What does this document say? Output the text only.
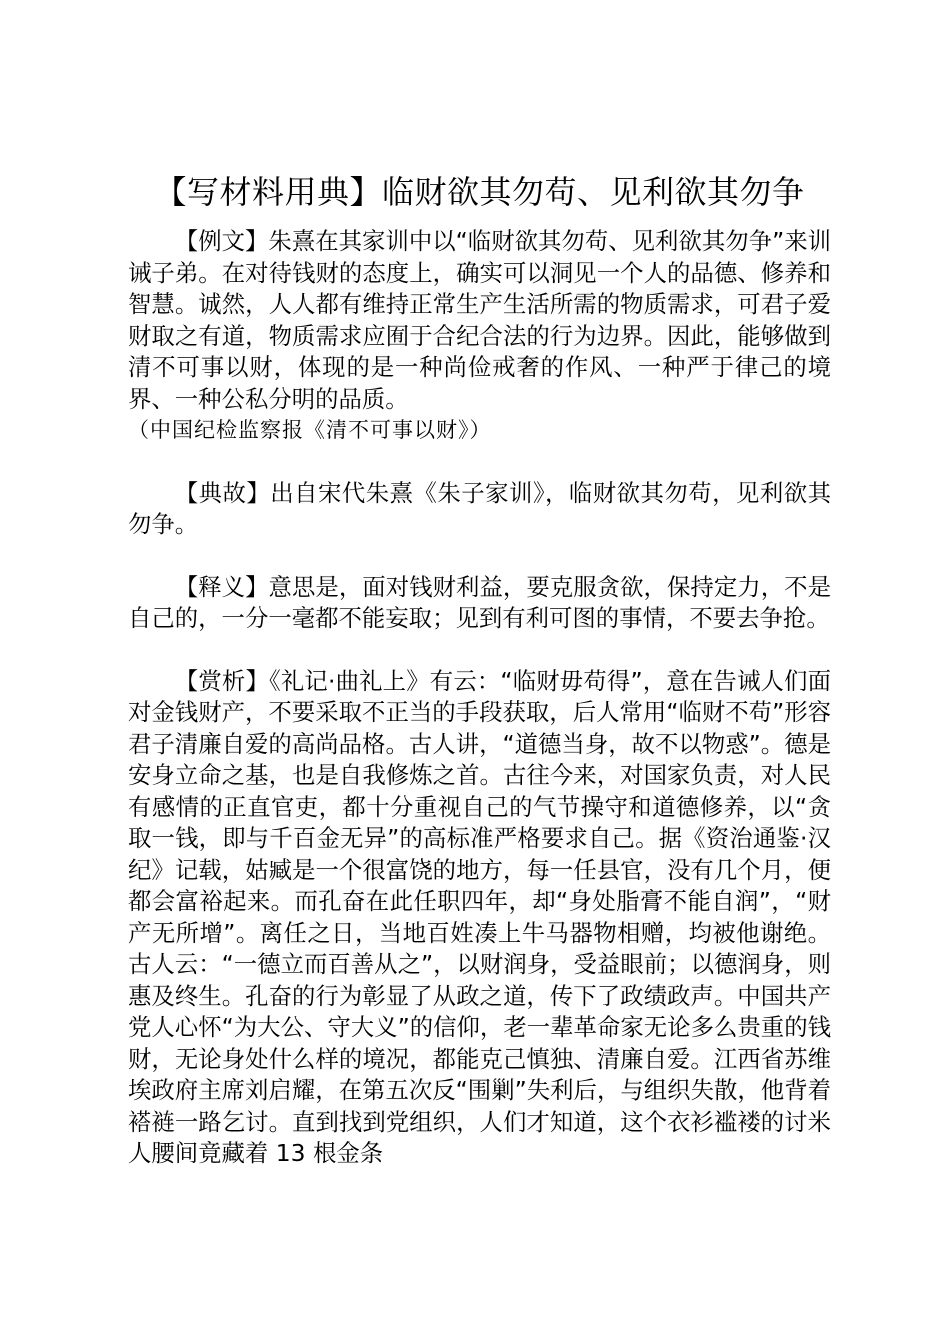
【写材料用典】临财欲其勿苟、见利欲其勿争

【例文】朱熹在其家训中以“临财欲其勿苟、见利欲其勿争”来训诫子弟。在对待钱财的态度上，确实可以洞见一个人的品德、修养和智慧。诚然，人人都有维持正常生产生活所需的物质需求，可君子爱财取之有道，物质需求应囿于合纪合法的行为边界。因此，能够做到清不可事以财，体现的是一种尚俭戒奢的作风、一种严于律己的境界、一种公私分明的品质。
（中国纪检监察报《清不可事以财》）

【典故】出自宋代朱熹《朱子家训》，临财欲其勿苟，见利欲其勿争。

【释义】意思是，面对钱财利益，要克服贪欲，保持定力，不是自己的，一分一毫都不能妄取；见到有利可图的事情，不要去争抢。

【赏析】《礼记·曲礼上》有云：“临财毋苟得”，意在告诫人们面对金钱财产，不要采取不正当的手段获取，后人常用“临财不苟”形容君子清廉自爱的高尚品格。古人讲，“道德当身，故不以物惑”。德是安身立命之基，也是自我修炼之首。古往今来，对国家负责，对人民有感情的正直官吏，都十分重视自己的气节操守和道德修养，以“贪取一钱，即与千百金无异”的高标准严格要求自己。据《资治通鉴·汉纪》记载，姑臧是一个很富饶的地方，每一任县官，没有几个月，便都会富裕起来。而孔奋在此任职四年，却“身处脂膏不能自润”，“财产无所增”。离任之日，当地百姓凑上牛马器物相赠，均被他谢绝。古人云：“一德立而百善从之”，以财润身，受益眼前；以德润身，则惠及终生。孔奋的行为彰显了从政之道，传下了政绩政声。中国共产党人心怀“为大公、守大义”的信仰，老一辈革命家无论多么贵重的钱财，无论身处什么样的境况，都能克己慎独、清廉自爱。江西省苏维埃政府主席刘启耀，在第五次反“围剿”失利后，与组织失散，他背着褡裢一路乞讨。直到找到党组织，人们才知道，这个衣衫褴褛的讨米人腰间竟藏着 13 根金条
